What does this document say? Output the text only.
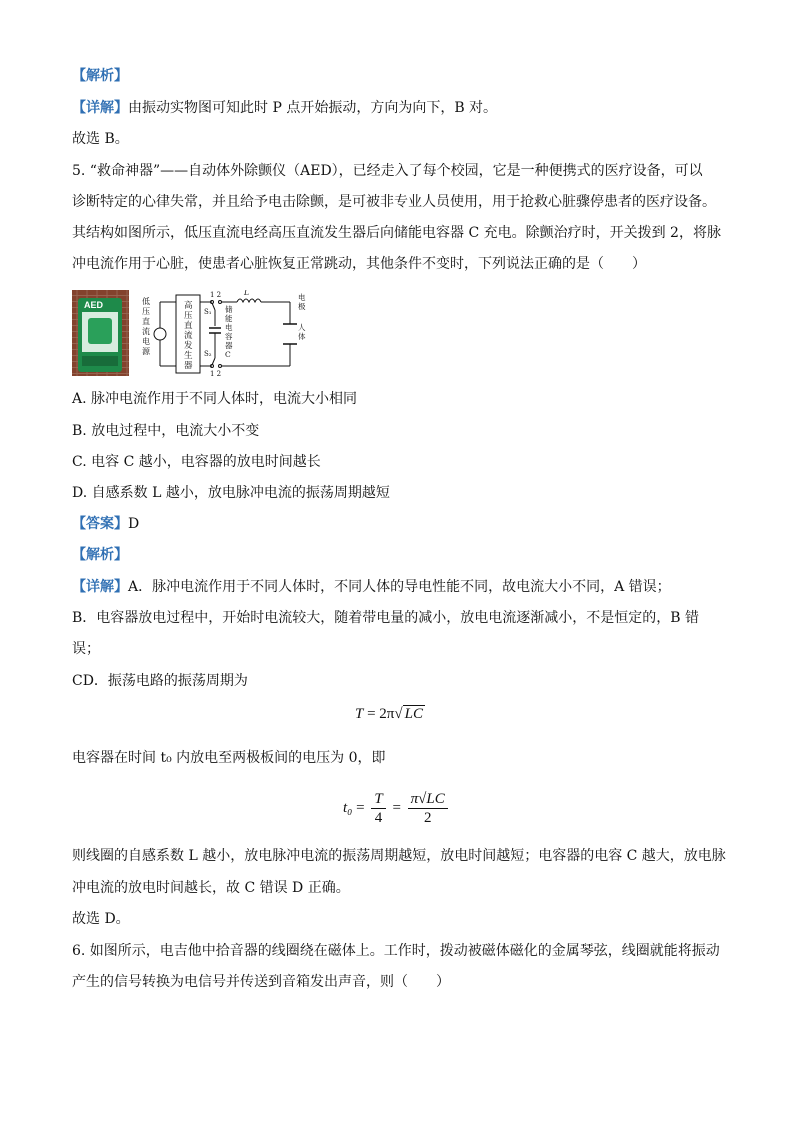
【解析】
【详解】由振动实物图可知此时 P 点开始振动，方向为向下，B 对。
故选 B。
5. “救命神器”——自动体外除颤仪（AED），已经走入了每个校园，它是一种便携式的医疗设备，可以
诊断特定的心律失常，并且给予电击除颤，是可被非专业人员使用，用于抢救心脏骤停患者的医疗设备。
其结构如图所示，低压直流电经高压直流发生器后向储能电容器 C 充电。除颤治疗时，开关拨到 2，将脉
冲电流作用于心脏，使患者心脏恢复正常跳动，其他条件不变时，下列说法正确的是（　　）
AED	低压直流电源
高压直流发生器
1 2
S₁ 储能电容器 C
S₂
1 2
L
电极
人体
A. 脉冲电流作用于不同人体时，电流大小相同
B. 放电过程中，电流大小不变
C. 电容 C 越小，电容器的放电时间越长
D. 自感系数 L 越小，放电脉冲电流的振荡周期越短
【答案】D
【解析】
【详解】A．脉冲电流作用于不同人体时，不同人体的导电性能不同，故电流大小不同，A 错误；
B．电容器放电过程中，开始时电流较大，随着带电量的减小，放电电流逐渐减小，不是恒定的，B 错
误；
CD．振荡电路的振荡周期为
T = 2π√ LC
电容器在时间 t₀ 内放电至两极板间的电压为 0，即
$t_0 = \frac{T}{4} = \frac{\pi√LC}{2}$
则线圈的自感系数 L 越小，放电脉冲电流的振荡周期越短，放电时间越短；电容器的电容 C 越大，放电脉
冲电流的放电时间越长，故 C 错误 D 正确。
故选 D。
6. 如图所示，电吉他中拾音器的线圈绕在磁体上。工作时，拨动被磁体磁化的金属琴弦，线圈就能将振动
产生的信号转换为电信号并传送到音箱发出声音，则（　　）
